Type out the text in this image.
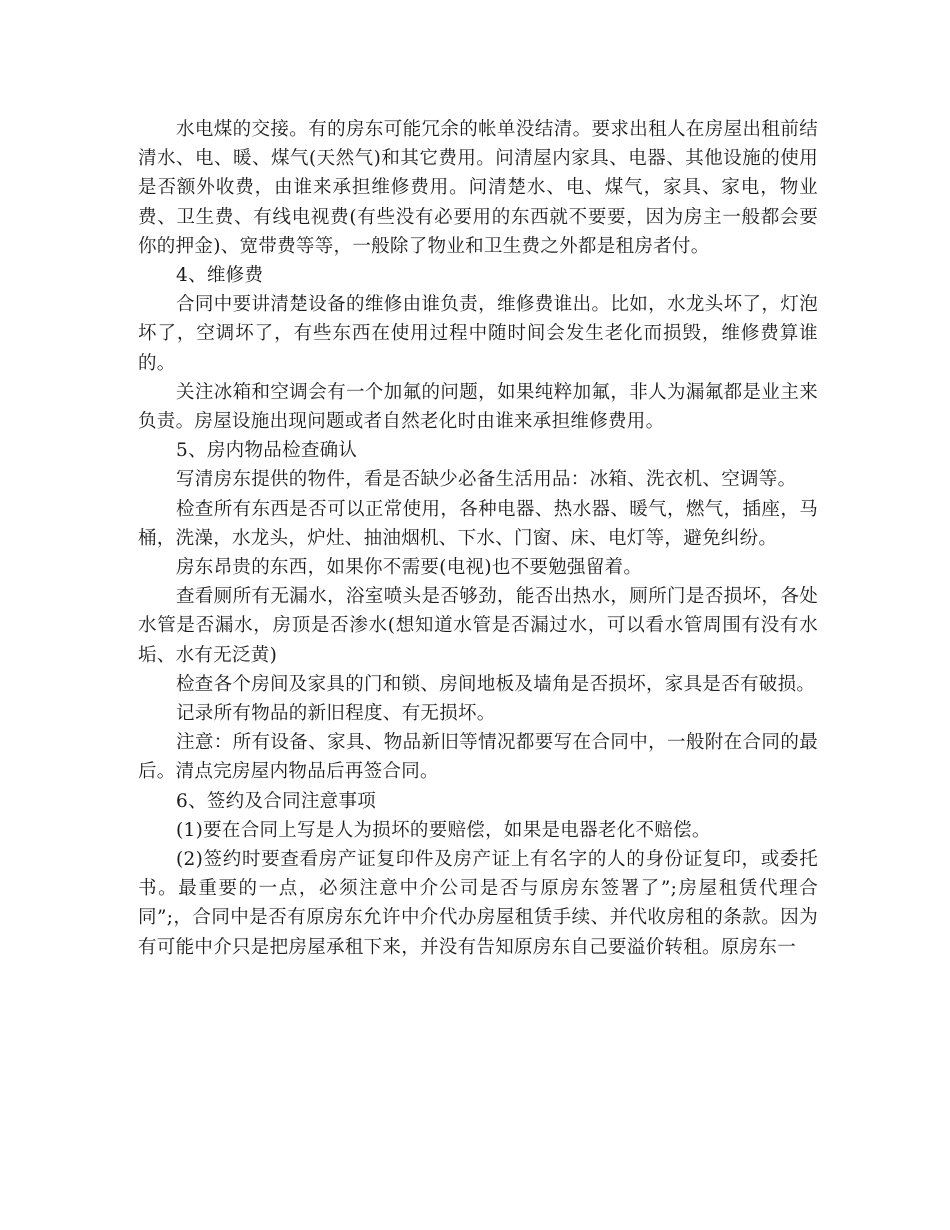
水电煤的交接。有的房东可能冗余的帐单没结清。要求出租人在房屋出租前结清水、电、暖、煤气(天然气)和其它费用。问清屋内家具、电器、其他设施的使用是否额外收费，由谁来承担维修费用。问清楚水、电、煤气，家具、家电，物业费、卫生费、有线电视费(有些没有必要用的东西就不要要，因为房主一般都会要你的押金)、宽带费等等，一般除了物业和卫生费之外都是租房者付。

4、维修费

合同中要讲清楚设备的维修由谁负责，维修费谁出。比如，水龙头坏了，灯泡坏了，空调坏了，有些东西在使用过程中随时间会发生老化而损毁，维修费算谁的。

关注冰箱和空调会有一个加氟的问题，如果纯粹加氟，非人为漏氟都是业主来负责。房屋设施出现问题或者自然老化时由谁来承担维修费用。

5、房内物品检查确认

写清房东提供的物件，看是否缺少必备生活用品：冰箱、洗衣机、空调等。

检查所有东西是否可以正常使用，各种电器、热水器、暖气，燃气，插座，马桶，洗澡，水龙头，炉灶、抽油烟机、下水、门窗、床、电灯等，避免纠纷。

房东昂贵的东西，如果你不需要(电视)也不要勉强留着。

查看厕所有无漏水，浴室喷头是否够劲，能否出热水，厕所门是否损坏，各处水管是否漏水，房顶是否渗水(想知道水管是否漏过水，可以看水管周围有没有水垢、水有无泛黄)

检查各个房间及家具的门和锁、房间地板及墙角是否损坏，家具是否有破损。

记录所有物品的新旧程度、有无损坏。

注意：所有设备、家具、物品新旧等情况都要写在合同中，一般附在合同的最后。清点完房屋内物品后再签合同。

6、签约及合同注意事项

(1)要在合同上写是人为损坏的要赔偿，如果是电器老化不赔偿。

(2)签约时要查看房产证复印件及房产证上有名字的人的身份证复印，或委托书。最重要的一点，必须注意中介公司是否与原房东签署了”;房屋租赁代理合同”;，合同中是否有原房东允许中介代办房屋租赁手续、并代收房租的条款。因为有可能中介只是把房屋承租下来，并没有告知原房东自己要溢价转租。原房东一
